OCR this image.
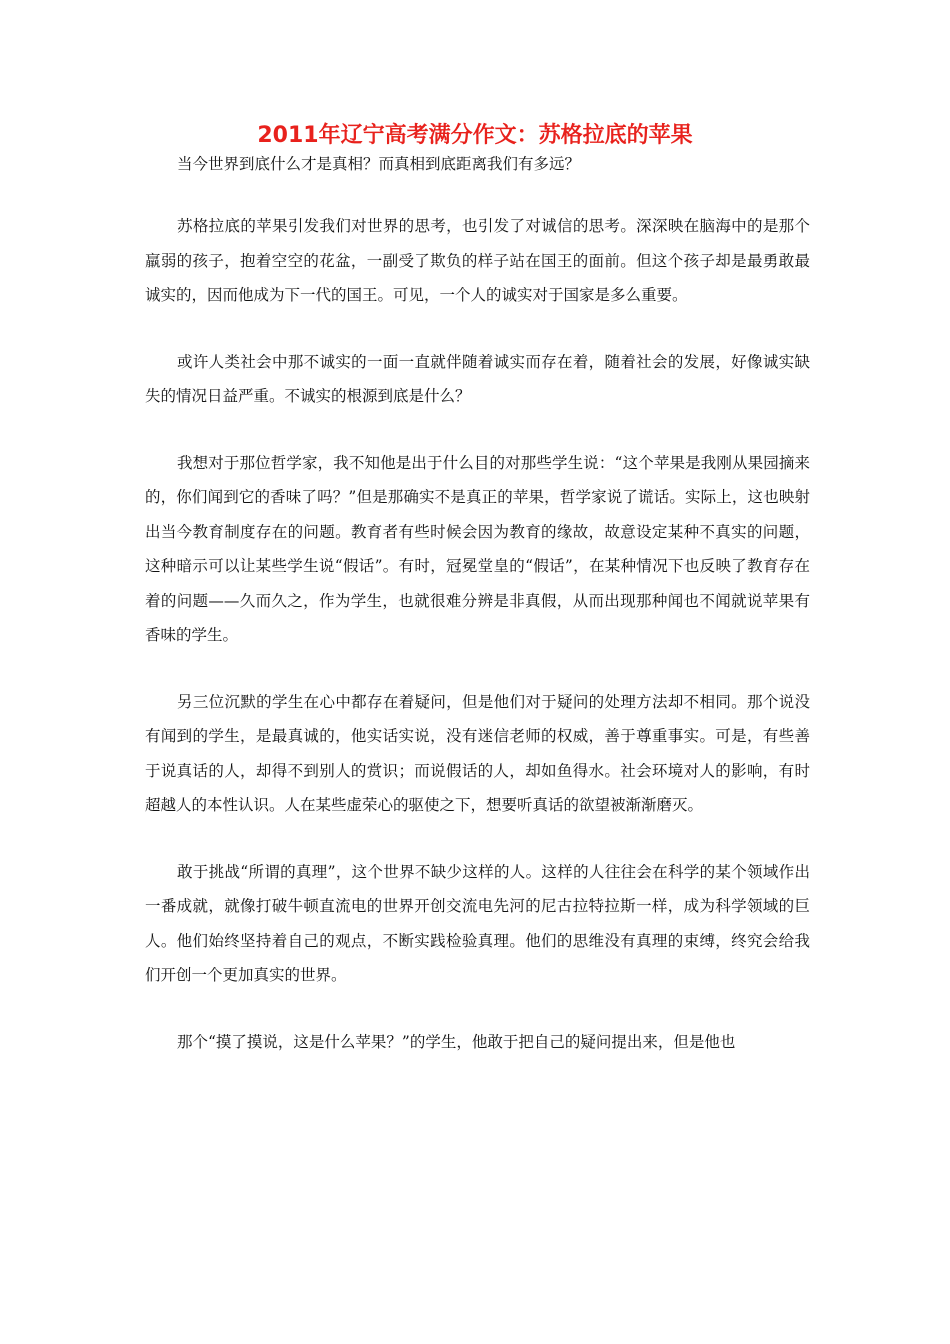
2011年辽宁高考满分作文：苏格拉底的苹果
当今世界到底什么才是真相？而真相到底距离我们有多远？

苏格拉底的苹果引发我们对世界的思考，也引发了对诚信的思考。深深映在脑海中的是那个羸弱的孩子，抱着空空的花盆，一副受了欺负的样子站在国王的面前。但这个孩子却是最勇敢最诚实的，因而他成为下一代的国王。可见，一个人的诚实对于国家是多么重要。

或许人类社会中那不诚实的一面一直就伴随着诚实而存在着，随着社会的发展，好像诚实缺失的情况日益严重。不诚实的根源到底是什么？

我想对于那位哲学家，我不知他是出于什么目的对那些学生说：“这个苹果是我刚从果园摘来的，你们闻到它的香味了吗？”但是那确实不是真正的苹果，哲学家说了谎话。实际上，这也映射出当今教育制度存在的问题。教育者有些时候会因为教育的缘故，故意设定某种不真实的问题，这种暗示可以让某些学生说“假话”。有时，冠冕堂皇的“假话”，在某种情况下也反映了教育存在着的问题——久而久之，作为学生，也就很难分辨是非真假，从而出现那种闻也不闻就说苹果有香味的学生。

另三位沉默的学生在心中都存在着疑问，但是他们对于疑问的处理方法却不相同。那个说没有闻到的学生，是最真诚的，他实话实说，没有迷信老师的权威，善于尊重事实。可是，有些善于说真话的人，却得不到别人的赏识；而说假话的人，却如鱼得水。社会环境对人的影响，有时超越人的本性认识。人在某些虚荣心的驱使之下，想要听真话的欲望被渐渐磨灭。

敢于挑战“所谓的真理”，这个世界不缺少这样的人。这样的人往往会在科学的某个领域作出一番成就，就像打破牛顿直流电的世界开创交流电先河的尼古拉特拉斯一样，成为科学领域的巨人。他们始终坚持着自己的观点，不断实践检验真理。他们的思维没有真理的束缚，终究会给我们开创一个更加真实的世界。

那个“摸了摸说，这是什么苹果？”的学生，他敢于把自己的疑问提出来，但是他也
